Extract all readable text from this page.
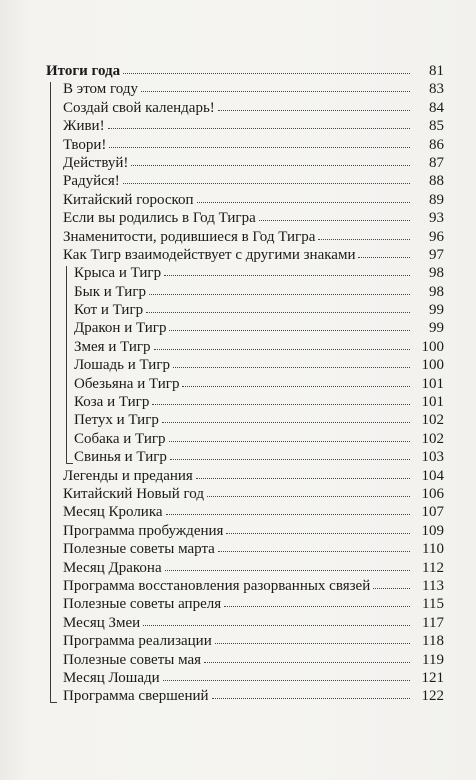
Итоги года	81
В этом году	83
Создай свой календарь!	84
Живи!	85
Твори!	86
Действуй!	87
Радуйся!	88
Китайский гороскоп	89
Если вы родились в Год Тигра	93
Знаменитости, родившиеся в Год Тигра	96
Как Тигр взаимодействует с другими знаками	97
Крыса и Тигр	98
Бык и Тигр	98
Кот и Тигр	99
Дракон и Тигр	99
Змея и Тигр	100
Лошадь и Тигр	100
Обезьяна и Тигр	101
Коза и Тигр	101
Петух и Тигр	102
Собака и Тигр	102
Свинья и Тигр	103
Легенды и предания	104
Китайский Новый год	106
Месяц Кролика	107
Программа пробуждения	109
Полезные советы марта	110
Месяц Дракона	112
Программа восстановления разорванных связей	113
Полезные советы апреля	115
Месяц Змеи	117
Программа реализации	118
Полезные советы мая	119
Месяц Лошади	121
Программа свершений	122
